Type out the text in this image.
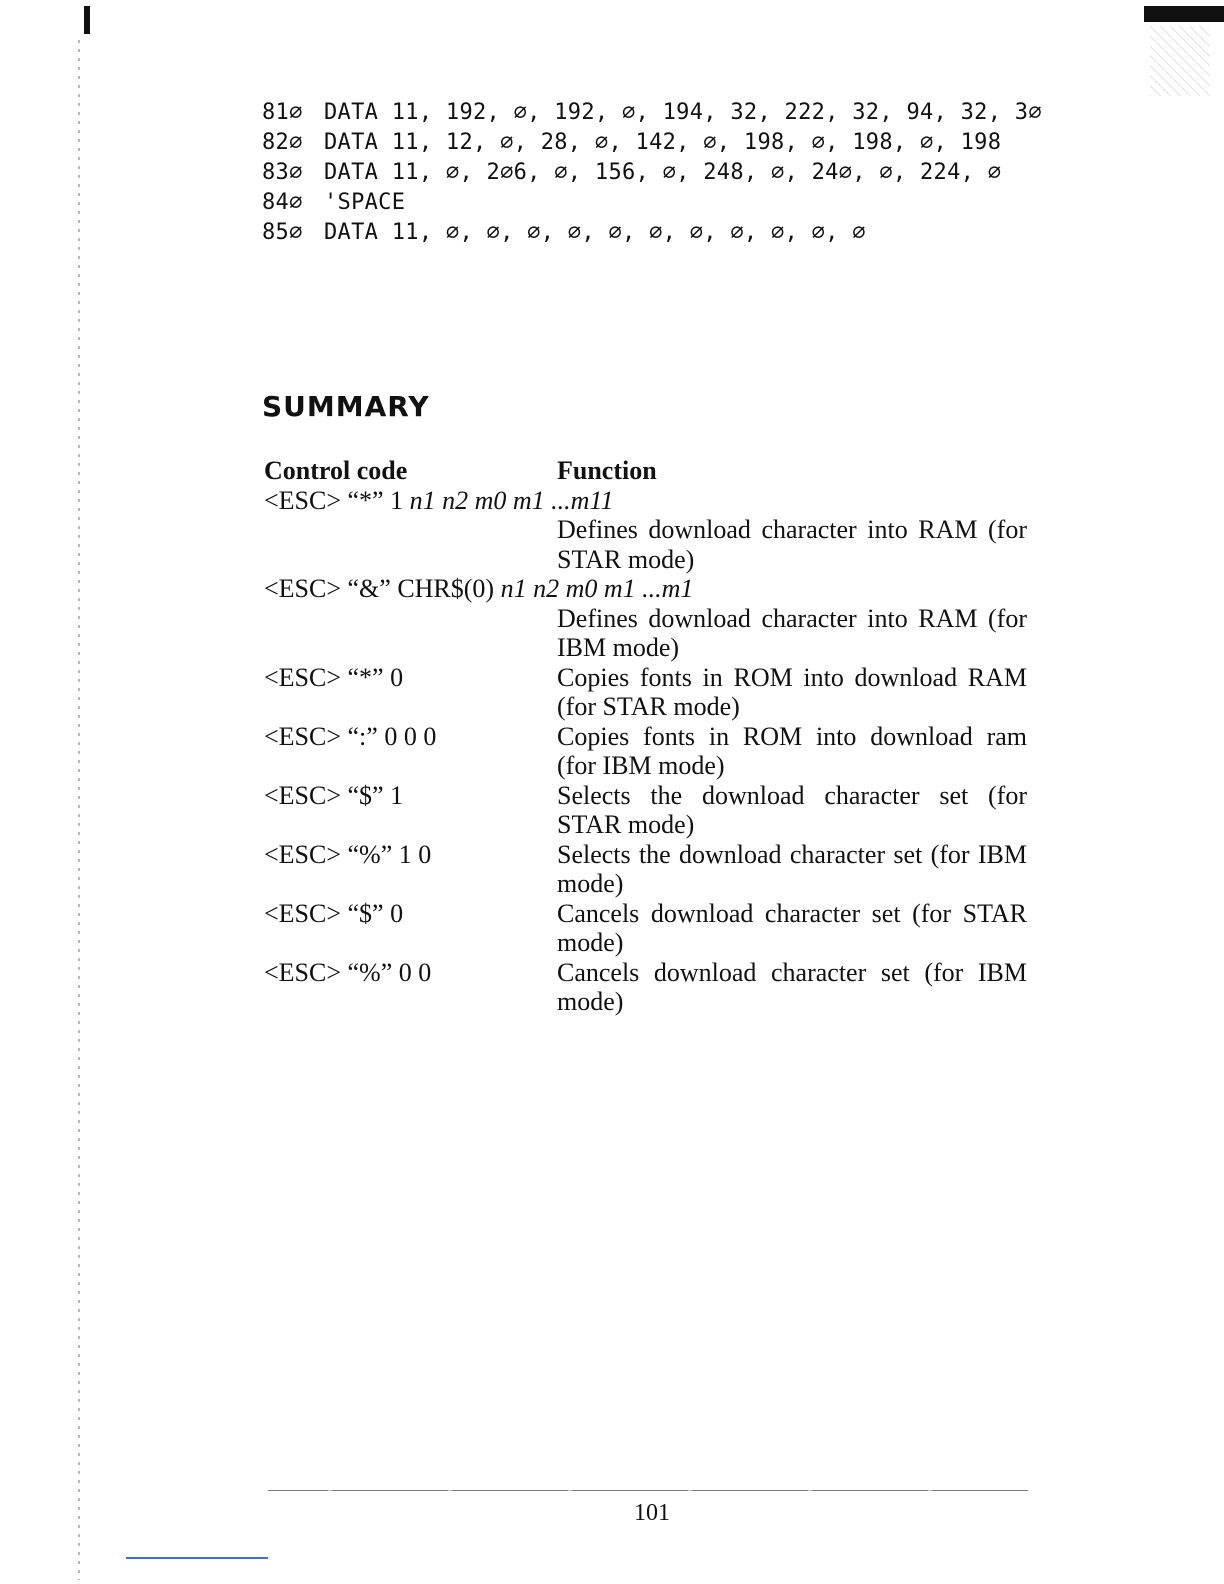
81∅ DATA 11, 192, ∅, 192, ∅, 194, 32, 222, 32, 94, 32, 3∅
82∅ DATA 11, 12, ∅, 28, ∅, 142, ∅, 198, ∅, 198, ∅, 198
83∅ DATA 11, ∅, 2∅6, ∅, 156, ∅, 248, ∅, 24∅, ∅, 224, ∅
84∅ 'SPACE
85∅ DATA 11, ∅, ∅, ∅, ∅, ∅, ∅, ∅, ∅, ∅, ∅, ∅
SUMMARY
Control code	Function
<ESC> “*” 1 n1 n2 m0 m1 ...m11
Defines download character into RAM (for STAR mode)
<ESC> “&” CHR$(0) n1 n2 m0 m1 ...m1
Defines download character into RAM (for IBM mode)
<ESC> “*” 0	Copies fonts in ROM into download RAM (for STAR mode)
<ESC> “:” 0 0 0	Copies fonts in ROM into download ram (for IBM mode)
<ESC> “$” 1	Selects the download character set (for STAR mode)
<ESC> “%” 1 0	Selects the download character set (for IBM mode)
<ESC> “$” 0	Cancels download character set (for STAR mode)
<ESC> “%” 0 0	Cancels download character set (for IBM mode)
101
